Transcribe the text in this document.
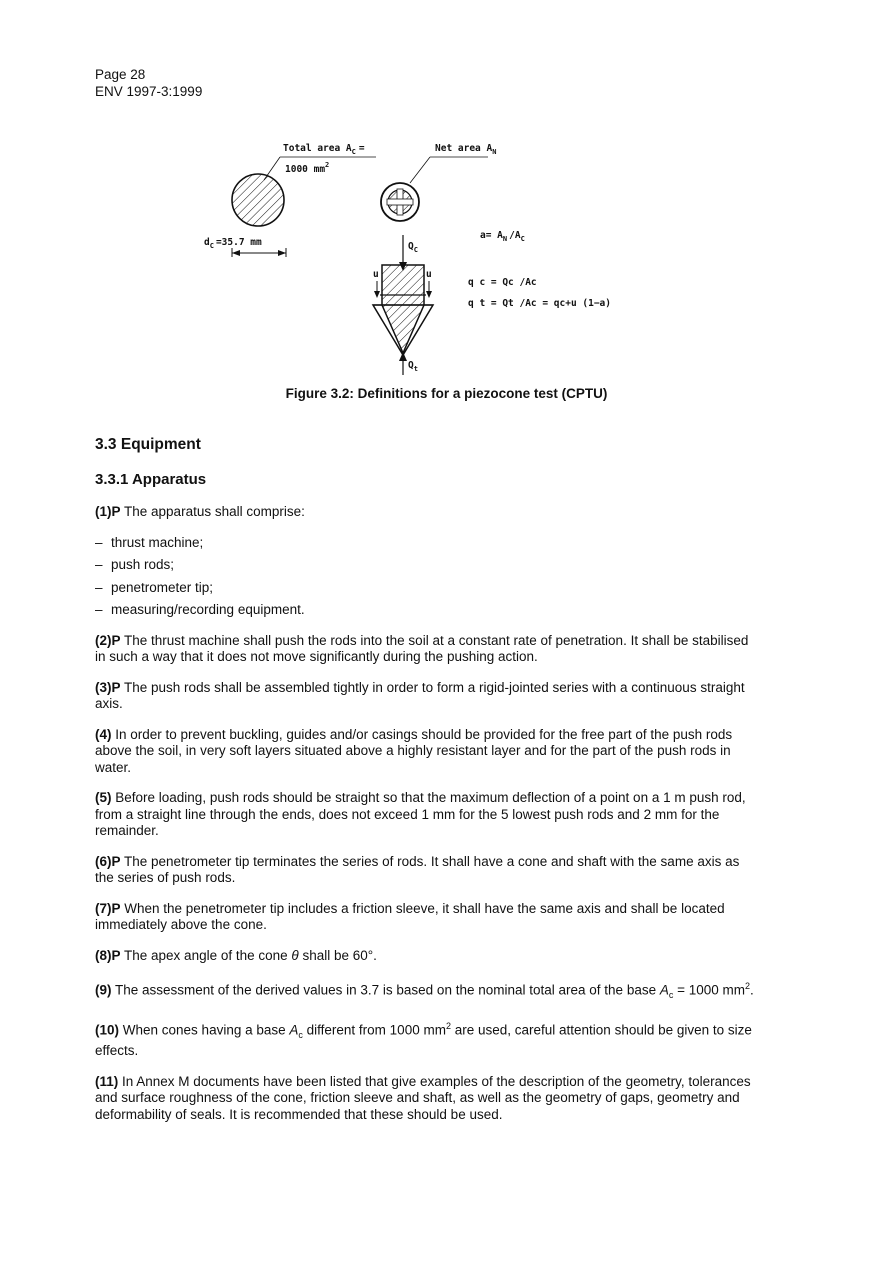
Page 28
ENV 1997-3:1999
Total area $A_C$ =
1000 $mm^2$
$d_C =35.7$ mm
Net area $A_N$
$a= A_N$ $/A_C$
$Q_C$
u	u
$Q_t$
q c = Qc /Ac
q t = Qt /Ac = qc+u (1−a)
Figure 3.2: Definitions for a piezocone test (CPTU)
3.3 Equipment
3.3.1 Apparatus

(1)P The apparatus shall comprise:

– thrust machine;
– push rods;
– penetrometer tip;
– measuring/recording equipment.

(2)P The thrust machine shall push the rods into the soil at a constant rate of penetration. It shall be stabilised in such a way that it does not move significantly during the pushing action.

(3)P The push rods shall be assembled tightly in order to form a rigid-jointed series with a continuous straight axis.

(4) In order to prevent buckling, guides and/or casings should be provided for the free part of the push rods above the soil, in very soft layers situated above a highly resistant layer and for the part of the push rods in water.

(5) Before loading, push rods should be straight so that the maximum deflection of a point on a 1 m push rod, from a straight line through the ends, does not exceed 1 mm for the 5 lowest push rods and 2 mm for the remainder.

(6)P The penetrometer tip terminates the series of rods. It shall have a cone and shaft with the same axis as the series of push rods.

(7)P When the penetrometer tip includes a friction sleeve, it shall have the same axis and shall be located immediately above the cone.

(8)P The apex angle of the cone θ shall be 60°.

(9) The assessment of the derived values in 3.7 is based on the nominal total area of the base $A_c = 1000$ $mm^2$.

(10) When cones having a base $A_c$ different from 1000 $mm^2$ are used, careful attention should be given to size effects.

(11) In Annex M documents have been listed that give examples of the description of the geometry, tolerances and surface roughness of the cone, friction sleeve and shaft, as well as the geometry of gaps, geometry and deformability of seals. It is recommended that these should be used.
